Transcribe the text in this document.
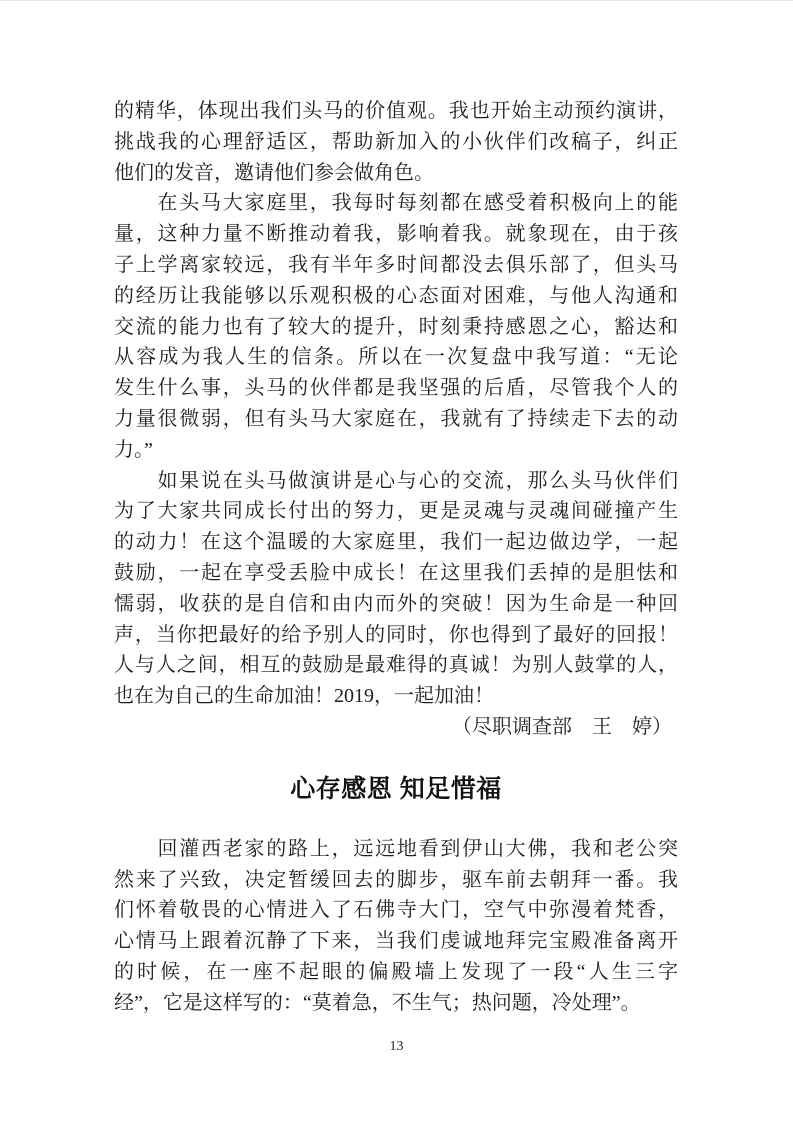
的精华，体现出我们头马的价值观。我也开始主动预约演讲，
挑战我的心理舒适区，帮助新加入的小伙伴们改稿子，纠正
他们的发音，邀请他们参会做角色。
　　在头马大家庭里，我每时每刻都在感受着积极向上的能
量，这种力量不断推动着我，影响着我。就象现在，由于孩
子上学离家较远，我有半年多时间都没去俱乐部了，但头马
的经历让我能够以乐观积极的心态面对困难，与他人沟通和
交流的能力也有了较大的提升，时刻秉持感恩之心，豁达和
从容成为我人生的信条。所以在一次复盘中我写道：“无论
发生什么事，头马的伙伴都是我坚强的后盾，尽管我个人的
力量很微弱，但有头马大家庭在，我就有了持续走下去的动
力。”
　　如果说在头马做演讲是心与心的交流，那么头马伙伴们
为了大家共同成长付出的努力，更是灵魂与灵魂间碰撞产生
的动力！在这个温暖的大家庭里，我们一起边做边学，一起
鼓励，一起在享受丢脸中成长！在这里我们丢掉的是胆怯和
懦弱，收获的是自信和由内而外的突破！因为生命是一种回
声，当你把最好的给予别人的同时，你也得到了最好的回报！
人与人之间，相互的鼓励是最难得的真诚！为别人鼓掌的人，
也在为自己的生命加油！2019，一起加油！
（尽职调查部　王　婷）
心存感恩 知足惜福
　　回灌西老家的路上，远远地看到伊山大佛，我和老公突
然来了兴致，决定暂缓回去的脚步，驱车前去朝拜一番。我
们怀着敬畏的心情进入了石佛寺大门，空气中弥漫着梵香，
心情马上跟着沉静了下来，当我们虔诚地拜完宝殿准备离开
的时候，在一座不起眼的偏殿墙上发现了一段“人生三字
经”，它是这样写的：“莫着急，不生气；热问题，冷处理”。
13
